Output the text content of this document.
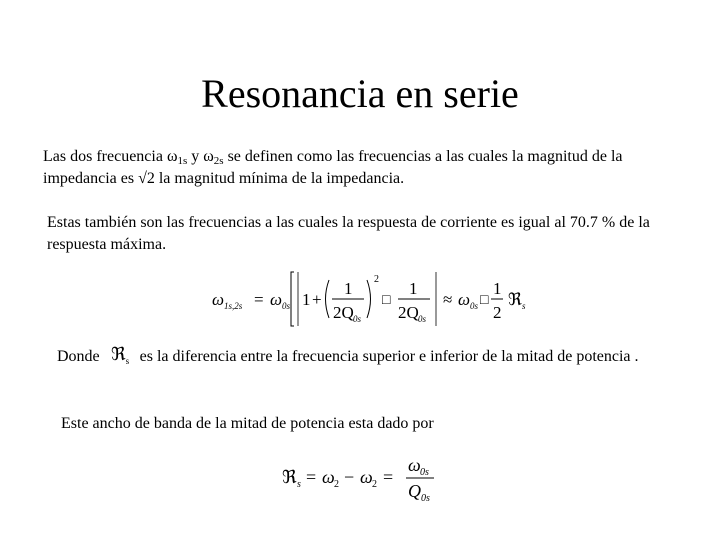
Resonancia en serie
Las dos frecuencia $\omega_{1s}$ y $\omega_{2s}$ se definen como las frecuencias a las cuales la magnitud de la impedancia es √2 la magnitud mínima de la impedancia.
Estas también son las frecuencias a las cuales la respuesta de corriente es igual al 70.7 % de la respuesta máxima.
ω 1s,2s = ω 0s 1 +
1
2Q 0s
2
□
1
2Q 0s
≈ ω 0s □
1
2
ℜ s
Donde	es la diferencia entre la frecuencia superior e inferior de la mitad de potencia .
ℜ$_s$
Este ancho de banda de la mitad de potencia esta dado por
ℜ s = ω 2 − ω 2 =
ω 0s
Q 0s
